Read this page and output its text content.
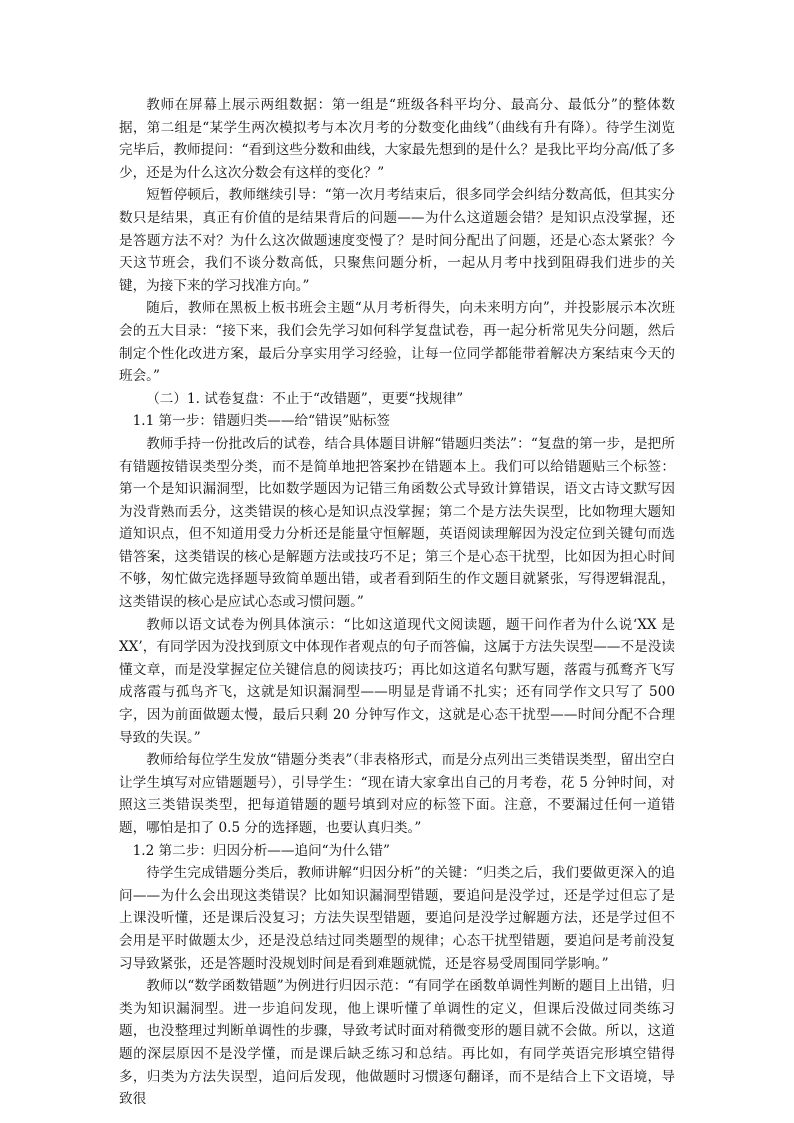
教师在屏幕上展示两组数据：第一组是“班级各科平均分、最高分、最低分”的整体数据，第二组是“某学生两次模拟考与本次月考的分数变化曲线”（曲线有升有降）。待学生浏览完毕后，教师提问：“看到这些分数和曲线，大家最先想到的是什么？是我比平均分高/低了多少，还是为什么这次分数会有这样的变化？”

短暂停顿后，教师继续引导：“第一次月考结束后，很多同学会纠结分数高低，但其实分数只是结果，真正有价值的是结果背后的问题——为什么这道题会错？是知识点没掌握，还是答题方法不对？为什么这次做题速度变慢了？是时间分配出了问题，还是心态太紧张？今天这节班会，我们不谈分数高低，只聚焦问题分析，一起从月考中找到阻碍我们进步的关键，为接下来的学习找准方向。”

随后，教师在黑板上板书班会主题“从月考析得失，向未来明方向”，并投影展示本次班会的五大目录：“接下来，我们会先学习如何科学复盘试卷，再一起分析常见失分问题，然后制定个性化改进方案，最后分享实用学习经验，让每一位同学都能带着解决方案结束今天的班会。”

（二）1. 试卷复盘：不止于“改错题”，更要“找规律”

1.1 第一步：错题归类——给“错误”贴标签

教师手持一份批改后的试卷，结合具体题目讲解“错题归类法”：“复盘的第一步，是把所有错题按错误类型分类，而不是简单地把答案抄在错题本上。我们可以给错题贴三个标签：第一个是知识漏洞型，比如数学题因为记错三角函数公式导致计算错误，语文古诗文默写因为没背熟而丢分，这类错误的核心是知识点没掌握；第二个是方法失误型，比如物理大题知道知识点，但不知道用受力分析还是能量守恒解题，英语阅读理解因为没定位到关键句而选错答案，这类错误的核心是解题方法或技巧不足；第三个是心态干扰型，比如因为担心时间不够，匆忙做完选择题导致简单题出错，或者看到陌生的作文题目就紧张，写得逻辑混乱，这类错误的核心是应试心态或习惯问题。”

教师以语文试卷为例具体演示：“比如这道现代文阅读题，题干问作者为什么说‘XX 是 XX’，有同学因为没找到原文中体现作者观点的句子而答偏，这属于方法失误型——不是没读懂文章，而是没掌握定位关键信息的阅读技巧；再比如这道名句默写题，落霞与孤鹜齐飞写成落霞与孤鸟齐飞，这就是知识漏洞型——明显是背诵不扎实；还有同学作文只写了 500 字，因为前面做题太慢，最后只剩 20 分钟写作文，这就是心态干扰型——时间分配不合理导致的失误。”

教师给每位学生发放“错题分类表”（非表格形式，而是分点列出三类错误类型，留出空白让学生填写对应错题题号），引导学生：“现在请大家拿出自己的月考卷，花 5 分钟时间，对照这三类错误类型，把每道错题的题号填到对应的标签下面。注意，不要漏过任何一道错题，哪怕是扣了 0.5 分的选择题，也要认真归类。”

1.2 第二步：归因分析——追问“为什么错”

待学生完成错题分类后，教师讲解“归因分析”的关键：“归类之后，我们要做更深入的追问——为什么会出现这类错误？比如知识漏洞型错题，要追问是没学过，还是学过但忘了是上课没听懂，还是课后没复习；方法失误型错题，要追问是没学过解题方法，还是学过但不会用是平时做题太少，还是没总结过同类题型的规律；心态干扰型错题，要追问是考前没复习导致紧张，还是答题时没规划时间是看到难题就慌，还是容易受周围同学影响。”

教师以“数学函数错题”为例进行归因示范：“有同学在函数单调性判断的题目上出错，归类为知识漏洞型。进一步追问发现，他上课听懂了单调性的定义，但课后没做过同类练习题，也没整理过判断单调性的步骤，导致考试时面对稍微变形的题目就不会做。所以，这道题的深层原因不是没学懂，而是课后缺乏练习和总结。再比如，有同学英语完形填空错得多，归类为方法失误型，追问后发现，他做题时习惯逐句翻译，而不是结合上下文语境，导致很
